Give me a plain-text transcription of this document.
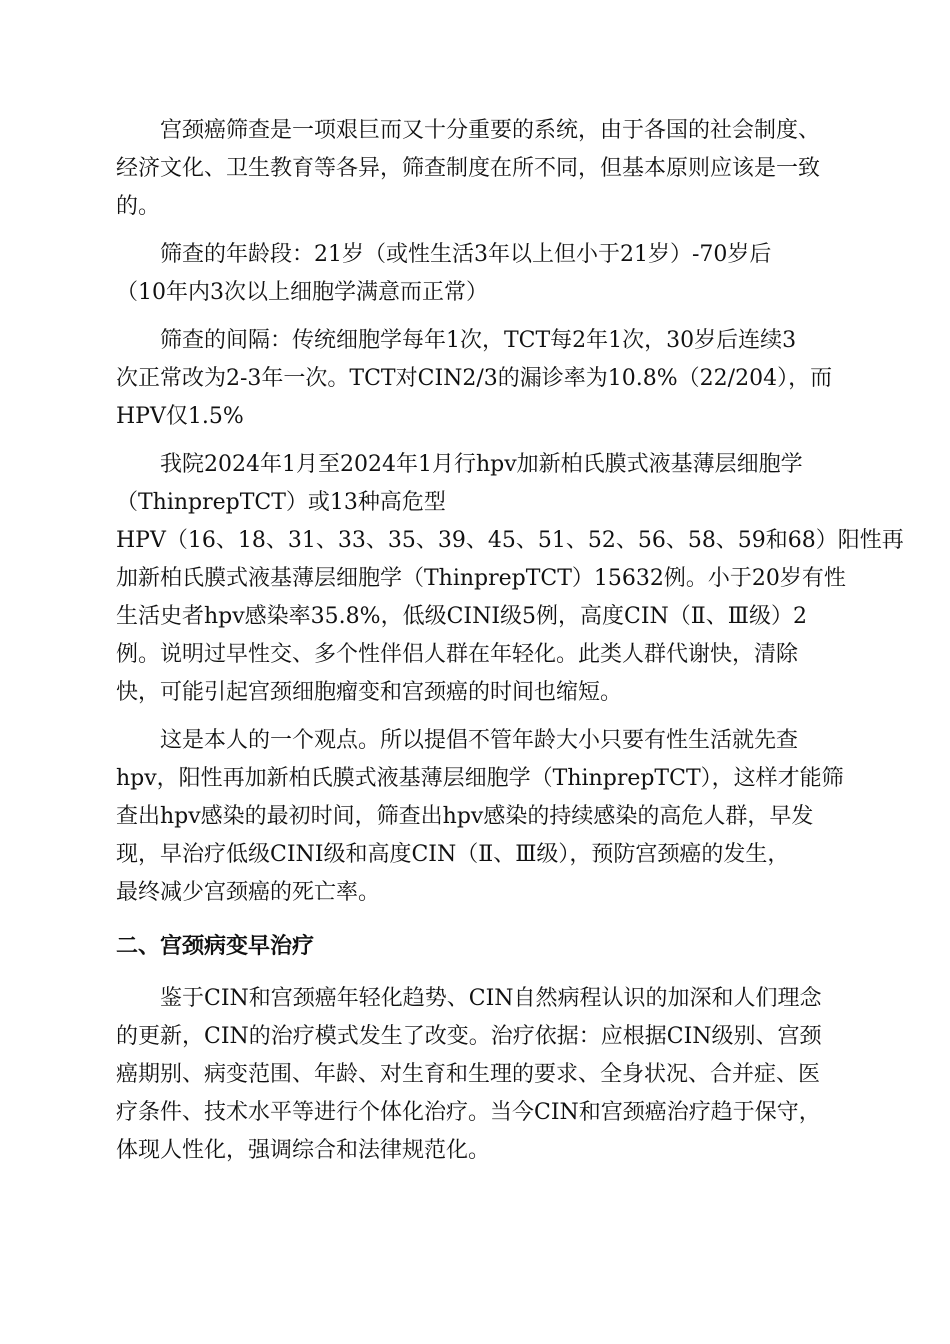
宫颈癌筛查是一项艰巨而又十分重要的系统，由于各国的社会制度、
经济文化、卫生教育等各异，筛查制度在所不同，但基本原则应该是一致
的。
筛查的年龄段：21岁（或性生活3年以上但小于21岁）-70岁后
（10年内3次以上细胞学满意而正常）
筛查的间隔：传统细胞学每年1次，TCT每2年1次，30岁后连续3
次正常改为2-3年一次。TCT对CIN2/3的漏诊率为10.8%（22/204），而
HPV仅1.5%
我院2024年1月至2024年1月行hpv加新柏氏膜式液基薄层细胞学
（ThinprepTCT）或13种高危型
HPV（16、18、31、33、35、39、45、51、52、56、58、59和68）阳性再
加新柏氏膜式液基薄层细胞学（ThinprepTCT）15632例。小于20岁有性
生活史者hpv感染率35.8%，低级CINⅠ级5例，高度CIN（Ⅱ、Ⅲ级）2
例。说明过早性交、多个性伴侣人群在年轻化。此类人群代谢快，清除
快，可能引起宫颈细胞瘤变和宫颈癌的时间也缩短。
这是本人的一个观点。所以提倡不管年龄大小只要有性生活就先查
hpv，阳性再加新柏氏膜式液基薄层细胞学（ThinprepTCT），这样才能筛
查出hpv感染的最初时间，筛查出hpv感染的持续感染的高危人群，早发
现，早治疗低级CINⅠ级和高度CIN（Ⅱ、Ⅲ级），预防宫颈癌的发生，
最终减少宫颈癌的死亡率。
二、宫颈病变早治疗
鉴于CIN和宫颈癌年轻化趋势、CIN自然病程认识的加深和人们理念
的更新，CIN的治疗模式发生了改变。治疗依据：应根据CIN级别、宫颈
癌期别、病变范围、年龄、对生育和生理的要求、全身状况、合并症、医
疗条件、技术水平等进行个体化治疗。当今CIN和宫颈癌治疗趋于保守，
体现人性化，强调综合和法律规范化。
